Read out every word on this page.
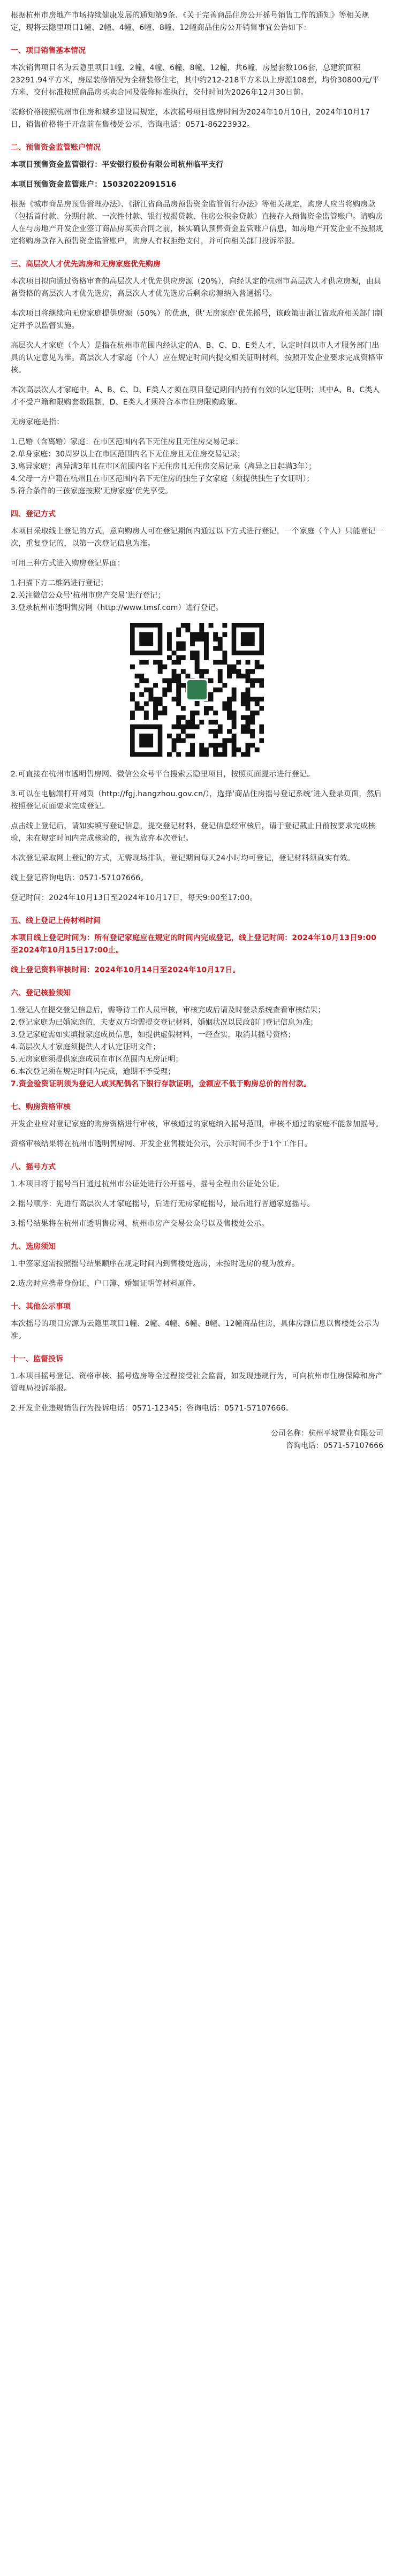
根据杭州市房地产市场持续健康发展的通知第9条、《关于完善商品住房公开摇号销售工作的通知》等相关规定，现将云隐里项目1幢、2幢、4幢、6幢、8幢、12幢商品住房公开销售事宜公告如下：

一、项目销售基本情况

本次销售项目名为云隐里项目1幢、2幢、4幢、6幢、8幢、12幢，共6幢，房屋套数106套，总建筑面积23291.94平方米，房屋装修情况为全精装修住宅，其中约212-218平方米以上房源108套，均价30800元/平方米，交付标准按照商品房买卖合同及装修标准执行，交付时间为2026年12月30日前。

装修价格按照杭州市住房和城乡建设局规定，本次摇号项目选房时间为2024年10月10日，2024年10月17日，销售价格将于开盘前在售楼处公示，咨询电话：0571-86223932。

二、预售资金监管账户情况

本项目预售资金监管银行：平安银行股份有限公司杭州临平支行

本项目预售资金监管账户：15032022091516

根据《城市商品房预售管理办法》、《浙江省商品房预售资金监管暂行办法》等相关规定，购房人应当将购房款（包括首付款、分期付款、一次性付款、银行按揭贷款、住房公积金贷款）直接存入预售资金监管账户。请购房人在与房地产开发企业签订商品房买卖合同之前，核实确认预售资金监管账户信息，如房地产开发企业不按照规定将购房款存入预售资金监管账户，购房人有权拒绝支付，并可向相关部门投诉举报。

三、高层次人才优先购房和无房家庭优先购房

本次项目拟向通过资格审查的高层次人才优先供应房源（20%），向经认定的杭州市高层次人才供应房源，由具备资格的高层次人才优先选房，高层次人才优先选房后剩余房源纳入普通摇号。

本次项目将继续向无房家庭提供房源（50%）的优惠，供‘无房家庭’优先摇号，该政策由浙江省政府相关部门制定并予以监督实施。

高层次人才家庭（个人）是指在杭州市范围内经认定的A、B、C、D、E类人才，认定时间以市人才服务部门出具的认定意见为准。高层次人才家庭（个人）应在规定时间内提交相关证明材料，按照开发企业要求完成资格审核。

本次高层次人才家庭中，A、B、C、D、E类人才须在项目登记期间内持有有效的认定证明；其中A、B、C类人才不受户籍和限购套数限制，D、E类人才须符合本市住房限购政策。

无房家庭是指：

1.已婚（含离婚）家庭：在市区范围内名下无住房且无住房交易记录；
2.单身家庭：30周岁以上在市区范围内名下无住房且无住房交易记录；
3.离异家庭：离异满3年且在市区范围内名下无住房且无住房交易记录（离异之日起满3年）；
4.父母一方户籍在杭州且在市区范围内名下无住房的独生子女家庭（须提供独生子女证明）；
5.符合条件的三孩家庭按照‘无房家庭’优先享受。
四、登记方式

本项目采取线上登记的方式，意向购房人可在登记期间内通过以下方式进行登记，一个家庭（个人）只能登记一次，重复登记的，以第一次登记信息为准。

可用三种方式进入购房登记界面：

1.扫描下方二维码进行登记；
2.关注微信公众号‘杭州市房产交易’进行登记；
3.登录杭州市透明售房网（http://www.tmsf.com）进行登记。

2.可直接在杭州市透明售房网、微信公众号平台搜索云隐里项目，按照页面提示进行登记。

3.可以在电脑端打开网页（http://fgj.hangzhou.gov.cn/），选择‘商品住房摇号登记系统’进入登录页面，然后按照登记页面要求完成登记。

点击线上登记后，请如实填写登记信息，提交登记材料，登记信息经审核后，请于登记截止日前按要求完成核验，未在规定时间内完成核验的，视为放弃本次登记。

本次登记采取网上登记的方式，无需现场排队，登记期间每天24小时均可登记，登记材料须真实有效。

线上登记咨询电话：0571-57107666。

登记时间：2024年10月13日至2024年10月17日，每天9:00至17:00。

五、线上登记上传材料时间

本项目线上登记时间为：所有登记家庭应在规定的时间内完成登记，线上登记时间：2024年10月13日9:00至2024年10月15日17:00止。

线上登记资料审核时间：2024年10月14日至2024年10月17日。

六、登记核验须知
1.登记人在提交登记信息后，需等待工作人员审核，审核完成后请及时登录系统查看审核结果；
2.登记家庭为已婚家庭的，夫妻双方均需提交登记材料，婚姻状况以民政部门登记信息为准；
3.登记家庭需如实填报家庭成员信息，如提供虚假材料，一经查实，取消其摇号资格；
4.高层次人才家庭须提供人才认定证明文件；
5.无房家庭须提供家庭成员在市区范围内无房证明；
6.本次登记须在规定时间内完成，逾期不予受理；
7.资金验资证明须为登记人或其配偶名下银行存款证明，金额应不低于购房总价的首付款。
七、购房资格审核

开发企业应对登记家庭的购房资格进行审核，审核通过的家庭纳入摇号范围，审核不通过的家庭不能参加摇号。

资格审核结果将在杭州市透明售房网、开发企业售楼处公示，公示时间不少于1个工作日。

八、摇号方式

1.本项目将于摇号当日通过杭州市公证处进行公开摇号，摇号全程由公证处公证。

2.摇号顺序：先进行高层次人才家庭摇号，后进行无房家庭摇号，最后进行普通家庭摇号。

3.摇号结果将在杭州市透明售房网、杭州市房产交易公众号以及售楼处公示。

九、选房须知

1.中签家庭需按照摇号结果顺序在规定时间内到售楼处选房，未按时选房的视为放弃。

2.选房时应携带身份证、户口簿、婚姻证明等材料原件。

十、其他公示事项

本次摇号的项目房源为云隐里项目1幢、2幢、4幢、6幢、8幢、12幢商品住房，具体房源信息以售楼处公示为准。

十一、监督投诉

1.本项目摇号登记、资格审核、摇号选房等全过程接受社会监督，如发现违规行为，可向杭州市住房保障和房产管理局投诉举报。

2.开发企业违规销售行为投诉电话：0571-12345；咨询电话：0571-57107666。

公司名称：杭州平城置业有限公司
咨询电话：0571-57107666
